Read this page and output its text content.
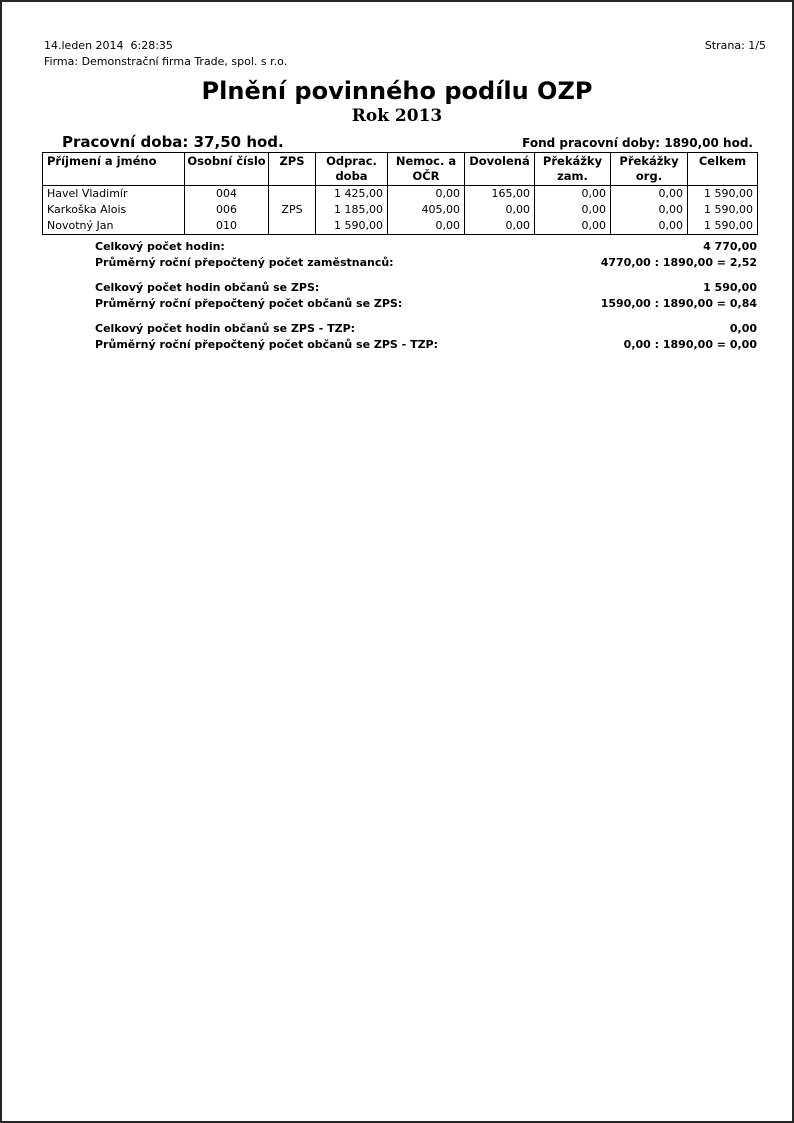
14.leden 2014  6:28:35
Firma: Demonstrační firma Trade, spol. s r.o.
Strana: 1/5
Plnění povinného podílu OZP
Rok 2013
Pracovní doba: 37,50 hod.	Fond pracovní doby: 1890,00 hod.
Příjmení a jméno	Osobní číslo	ZPS	Odprac. doba	Nemoc. a OČR	Dovolená	Překážky zam.	Překážky org.	Celkem
Havel Vladimír	004		1 425,00	0,00	165,00	0,00	0,00	1 590,00
Karkoška Alois	006	ZPS	1 185,00	405,00	0,00	0,00	0,00	1 590,00
Novotný Jan	010		1 590,00	0,00	0,00	0,00	0,00	1 590,00
Celkový počet hodin:	4 770,00
Průměrný roční přepočtený počet zaměstnanců:	4770,00 : 1890,00 = 2,52
Celkový počet hodin občanů se ZPS:	1 590,00
Průměrný roční přepočtený počet občanů se ZPS:	1590,00 : 1890,00 = 0,84
Celkový počet hodin občanů se ZPS - TZP:	0,00
Průměrný roční přepočtený počet občanů se ZPS - TZP:	0,00 : 1890,00 = 0,00
